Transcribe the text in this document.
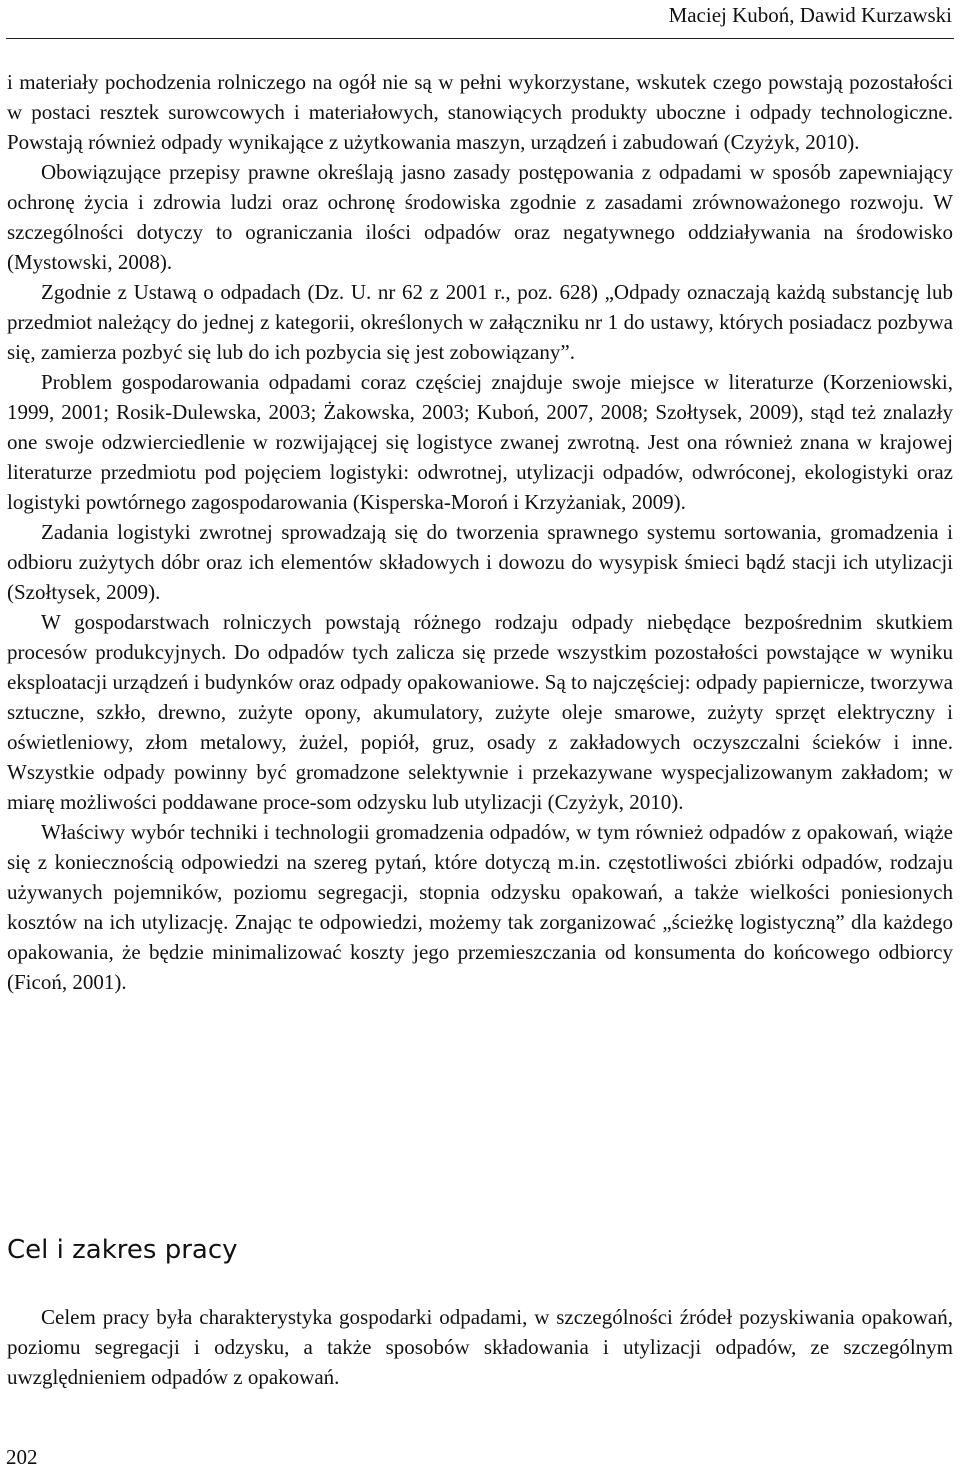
Maciej Kuboń, Dawid Kurzawski

i materiały pochodzenia rolniczego na ogół nie są w pełni wykorzystane, wskutek czego powstają pozostałości w postaci resztek surowcowych i materiałowych, stanowiących produkty uboczne i odpady technologiczne. Powstają również odpady wynikające z użytkowania maszyn, urządzeń i zabudowań (Czyżyk, 2010).

Obowiązujące przepisy prawne określają jasno zasady postępowania z odpadami w sposób zapewniający ochronę życia i zdrowia ludzi oraz ochronę środowiska zgodnie z zasadami zrównoważonego rozwoju. W szczególności dotyczy to ograniczania ilości odpadów oraz negatywnego oddziaływania na środowisko (Mystowski, 2008).

Zgodnie z Ustawą o odpadach (Dz. U. nr 62 z 2001 r., poz. 628) „Odpady oznaczają każdą substancję lub przedmiot należący do jednej z kategorii, określonych w załączniku nr 1 do ustawy, których posiadacz pozbywa się, zamierza pozbyć się lub do ich pozbycia się jest zobowiązany”.

Problem gospodarowania odpadami coraz częściej znajduje swoje miejsce w literaturze (Korzeniowski, 1999, 2001; Rosik-Dulewska, 2003; Żakowska, 2003; Kuboń, 2007, 2008; Szołtysek, 2009), stąd też znalazły one swoje odzwierciedlenie w rozwijającej się logistyce zwanej zwrotną. Jest ona również znana w krajowej literaturze przedmiotu pod pojęciem logistyki: odwrotnej, utylizacji odpadów, odwróconej, ekologistyki oraz logistyki powtórnego zagospodarowania (Kisperska-Moroń i Krzyżaniak, 2009).

Zadania logistyki zwrotnej sprowadzają się do tworzenia sprawnego systemu sortowania, gromadzenia i odbioru zużytych dóbr oraz ich elementów składowych i dowozu do wysypisk śmieci bądź stacji ich utylizacji (Szołtysek, 2009).

W gospodarstwach rolniczych powstają różnego rodzaju odpady niebędące bezpośrednim skutkiem procesów produkcyjnych. Do odpadów tych zalicza się przede wszystkim pozostałości powstające w wyniku eksploatacji urządzeń i budynków oraz odpady opakowaniowe. Są to najczęściej: odpady papiernicze, tworzywa sztuczne, szkło, drewno, zużyte opony, akumulatory, zużyte oleje smarowe, zużyty sprzęt elektryczny i oświetleniowy, złom metalowy, żużel, popiół, gruz, osady z zakładowych oczyszczalni ścieków i inne. Wszystkie odpady powinny być gromadzone selektywnie i przekazywane wyspecjalizowanym zakładom; w miarę możliwości poddawane proce-som odzysku lub utylizacji (Czyżyk, 2010).

Właściwy wybór techniki i technologii gromadzenia odpadów, w tym również odpadów z opakowań, wiąże się z koniecznością odpowiedzi na szereg pytań, które dotyczą m.in. częstotliwości zbiórki odpadów, rodzaju używanych pojemników, poziomu segregacji, stopnia odzysku opakowań, a także wielkości poniesionych kosztów na ich utylizację. Znając te odpowiedzi, możemy tak zorganizować „ścieżkę logistyczną” dla każdego opakowania, że będzie minimalizować koszty jego przemieszczania od konsumenta do końcowego odbiorcy (Ficoń, 2001).

Cel i zakres pracy

Celem pracy była charakterystyka gospodarki odpadami, w szczególności źródeł pozyskiwania opakowań, poziomu segregacji i odzysku, a także sposobów składowania i utylizacji odpadów, ze szczególnym uwzględnieniem odpadów z opakowań.

202
